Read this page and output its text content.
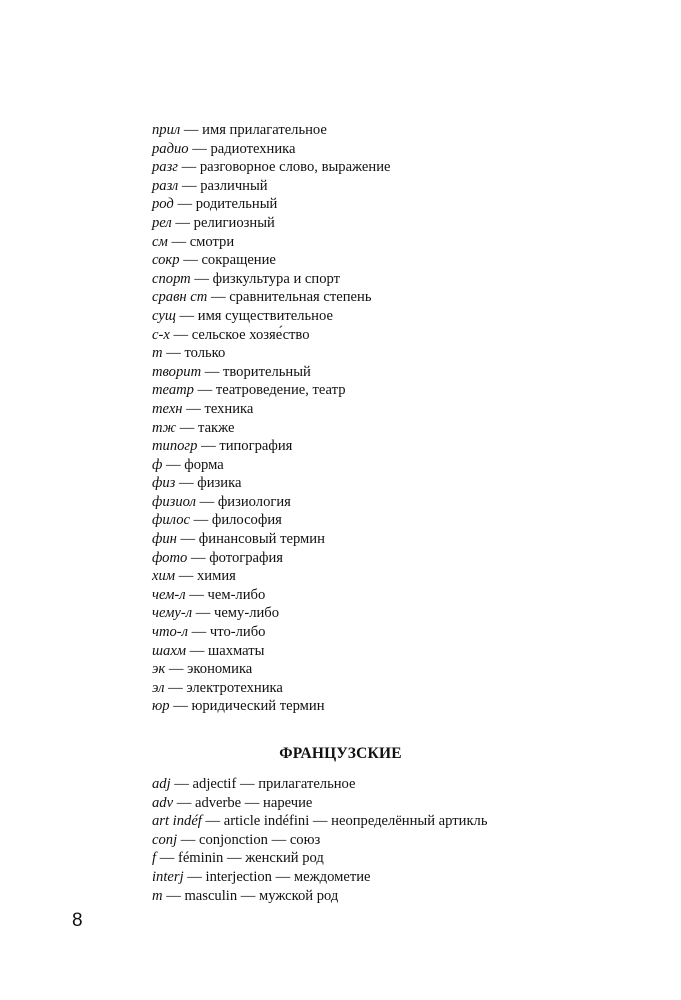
прил — имя прилагательное
радио — радиотехника
разг — разговорное слово, выражение
разл — различный
род — родительный
рел — религиозный
см — смотри
сокр — сокращение
спорт — физкультура и спорт
сравн ст — сравнительная степень
сущ — имя существительное
с-х — сельское хозяе́ство
т — только
творит — творительный
театр — театроведение, театр
техн — техника
тж — также
типогр — типография
ф — форма
физ — физика
физиол — физиология
филос — философия
фин — финансовый термин
фото — фотография
хим — химия
чем-л — чем-либо
чему-л — чему-либо
что-л — что-либо
шахм — шахматы
эк — экономика
эл — электротехника
юр — юридический термин
ФРАНЦУЗСКИЕ
adj — adjectif — прилагательное
adv — adverbe — наречие
art indéf — article indéfini — неопределённый артикль
conj — conjonction — союз
f — féminin — женский род
interj — interjection — междометие
m — masculin — мужской род
8
